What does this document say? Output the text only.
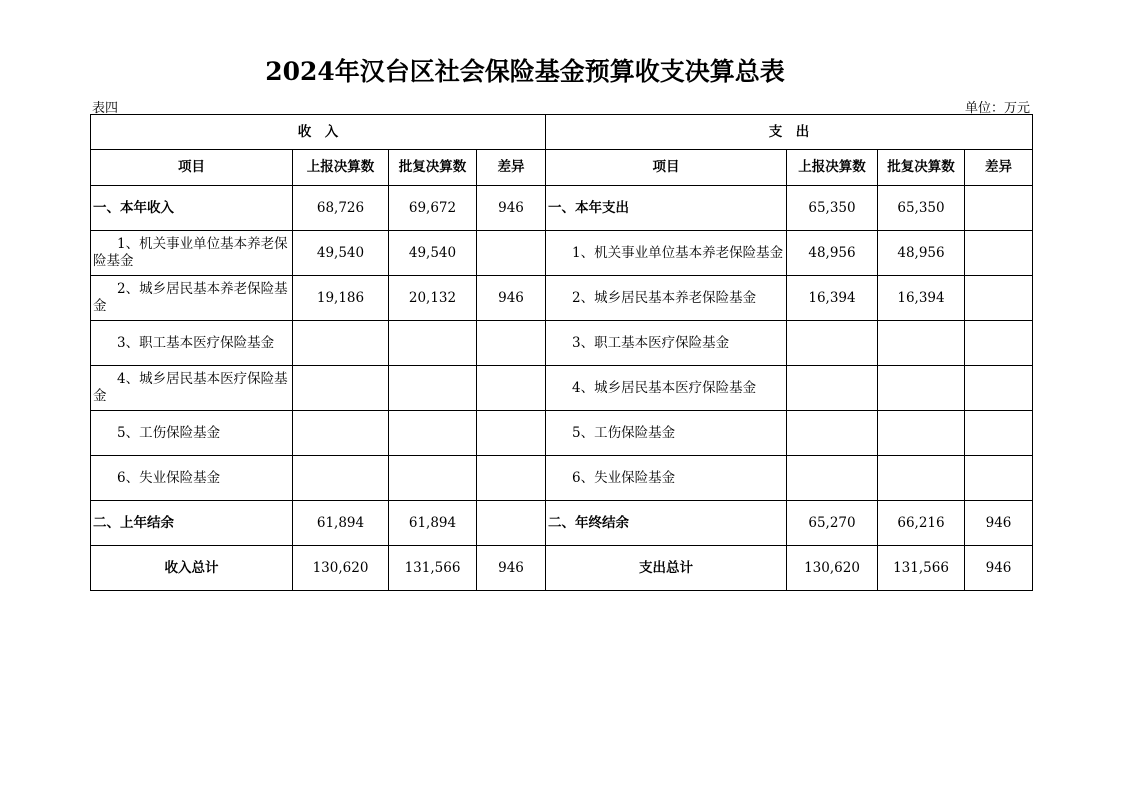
2024年汉台区社会保险基金预算收支决算总表
表四	单位：万元
收　入				支　出			
项目	上报决算数	批复决算数	差异	项目	上报决算数	批复决算数	差异
一、本年收入	68,726	69,672	946	一、本年支出	65,350	65,350	
1、机关事业单位基本养老保险基金	49,540	49,540		1、机关事业单位基本养老保险基金	48,956	48,956	
2、城乡居民基本养老保险基金	19,186	20,132	946	2、城乡居民基本养老保险基金	16,394	16,394	
3、职工基本医疗保险基金				3、职工基本医疗保险基金			
4、城乡居民基本医疗保险基金				4、城乡居民基本医疗保险基金			
5、工伤保险基金				5、工伤保险基金			
6、失业保险基金				6、失业保险基金			
二、上年结余	61,894	61,894		二、年终结余	65,270	66,216	946
收入总计	130,620	131,566	946	支出总计	130,620	131,566	946
